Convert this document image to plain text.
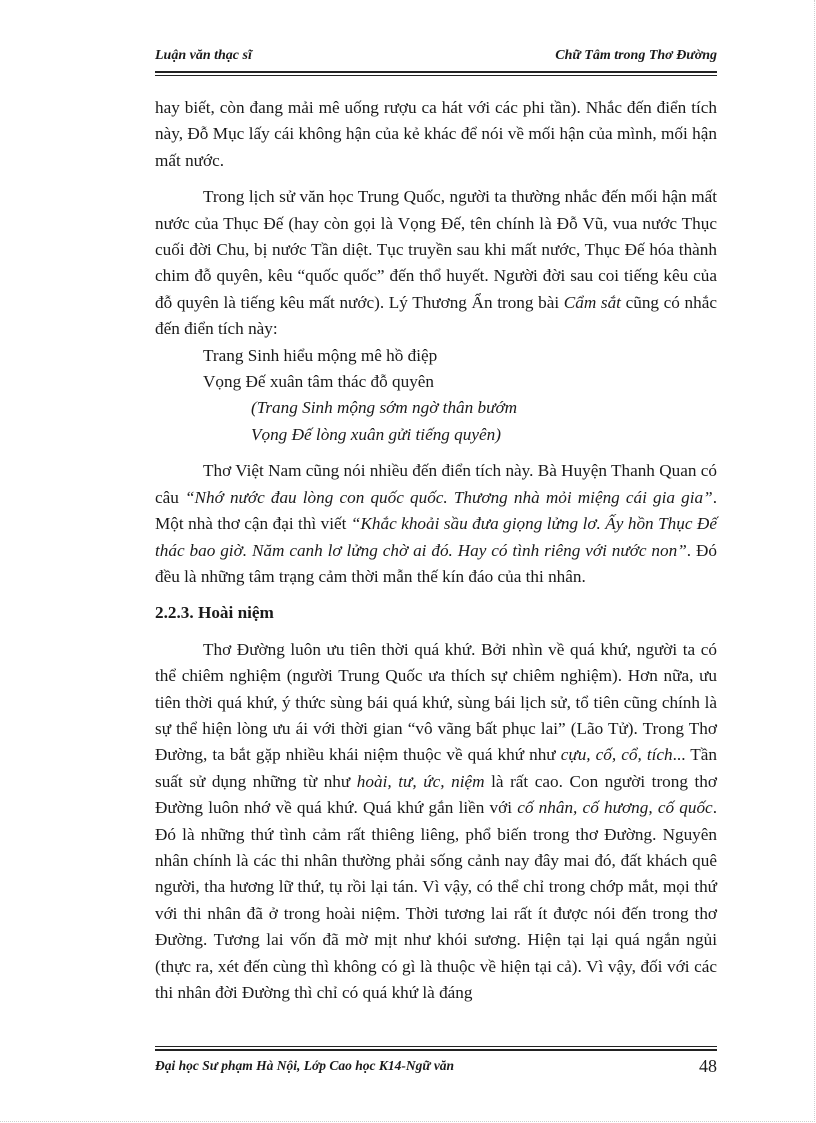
Luận văn thạc sĩ	Chữ Tâm trong Thơ Đường

hay biết, còn đang mải mê uống rượu ca hát với các phi tần). Nhắc đến điển tích này, Đỗ Mục lấy cái không hận của kẻ khác để nói về mối hận của mình, mối hận mất nước.

Trong lịch sử văn học Trung Quốc, người ta thường nhắc đến mối hận mất nước của Thục Đế (hay còn gọi là Vọng Đế, tên chính là Đỗ Vũ, vua nước Thục cuối đời Chu, bị nước Tần diệt. Tục truyền sau khi mất nước, Thục Đế hóa thành chim đỗ quyên, kêu “quốc quốc” đến thổ huyết. Người đời sau coi tiếng kêu của đỗ quyên là tiếng kêu mất nước). Lý Thương Ẩn trong bài Cẩm sắt cũng có nhắc đến điển tích này:

Trang Sinh hiểu mộng mê hồ điệp

Vọng Đế xuân tâm thác đỗ quyên

(Trang Sinh mộng sớm ngờ thân bướm

Vọng Đế lòng xuân gửi tiếng quyên)

Thơ Việt Nam cũng nói nhiều đến điển tích này. Bà Huyện Thanh Quan có câu “Nhớ nước đau lòng con quốc quốc. Thương nhà mỏi miệng cái gia gia”. Một nhà thơ cận đại thì viết “Khắc khoải sầu đưa giọng lửng lơ. Ấy hồn Thục Đế thác bao giờ. Năm canh lơ lửng chờ ai đó. Hay có tình riêng với nước non”. Đó đều là những tâm trạng cảm thời mẫn thế kín đáo của thi nhân.

2.2.3. Hoài niệm

Thơ Đường luôn ưu tiên thời quá khứ. Bởi nhìn về quá khứ, người ta có thể chiêm nghiệm (người Trung Quốc ưa thích sự chiêm nghiệm). Hơn nữa, ưu tiên thời quá khứ, ý thức sùng bái quá khứ, sùng bái lịch sử, tổ tiên cũng chính là sự thể hiện lòng ưu ái với thời gian “vô vãng bất phục lai” (Lão Tử). Trong Thơ Đường, ta bắt gặp nhiều khái niệm thuộc về quá khứ như cựu, cố, cổ, tích... Tần suất sử dụng những từ như hoài, tư, ức, niệm là rất cao. Con người trong thơ Đường luôn nhớ về quá khứ. Quá khứ gắn liền với cố nhân, cố hương, cố quốc. Đó là những thứ tình cảm rất thiêng liêng, phổ biến trong thơ Đường. Nguyên nhân chính là các thi nhân thường phải sống cảnh nay đây mai đó, đất khách quê người, tha hương lữ thứ, tụ rồi lại tán. Vì vậy, có thể chỉ trong chớp mắt, mọi thứ với thi nhân đã ở trong hoài niệm. Thời tương lai rất ít được nói đến trong thơ Đường. Tương lai vốn đã mờ mịt như khói sương. Hiện tại lại quá ngắn ngủi (thực ra, xét đến cùng thì không có gì là thuộc về hiện tại cả). Vì vậy, đối với các thi nhân đời Đường thì chỉ có quá khứ là đáng

Đại học Sư phạm Hà Nội, Lớp Cao học K14-Ngữ văn	48
